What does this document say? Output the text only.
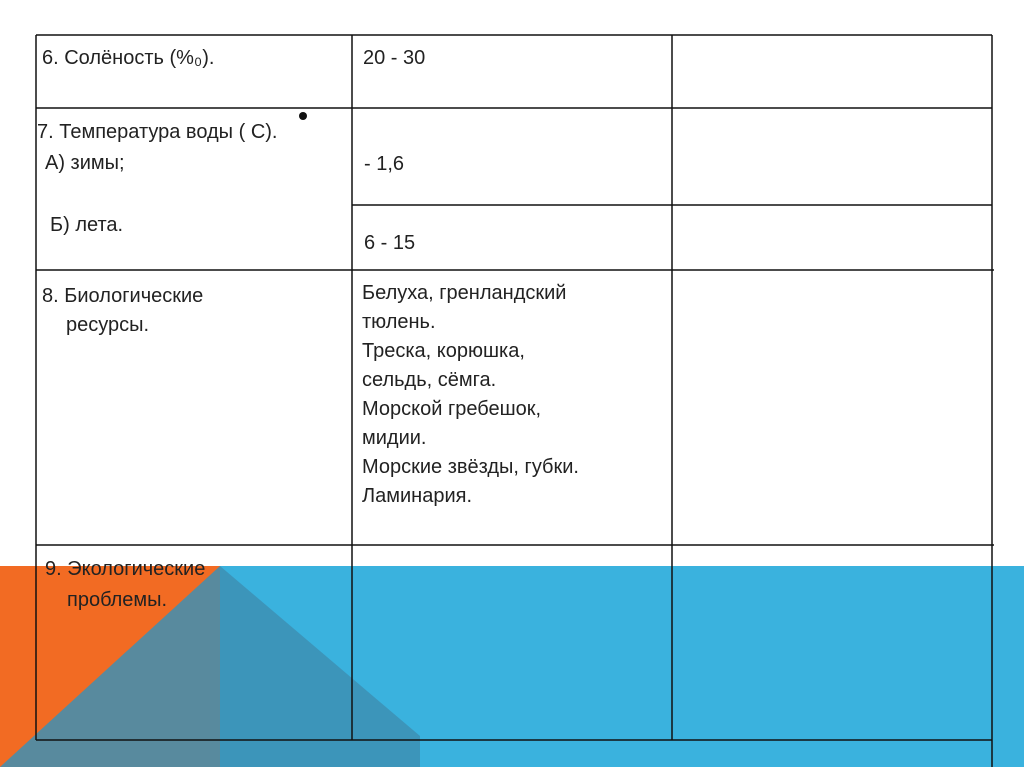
6. Солёность (%₀).	20 - 30
7. Температура воды ( С).
А) зимы;	- 1,6
Б) лета.
6 - 15
8. Биологические
ресурсы.
Белуха, гренландский
тюлень.
Треска, корюшка,
сельдь, сёмга.
Морской гребешок,
мидии.
Морские звёзды, губки.
Ламинария.
9. Экологические
проблемы.
